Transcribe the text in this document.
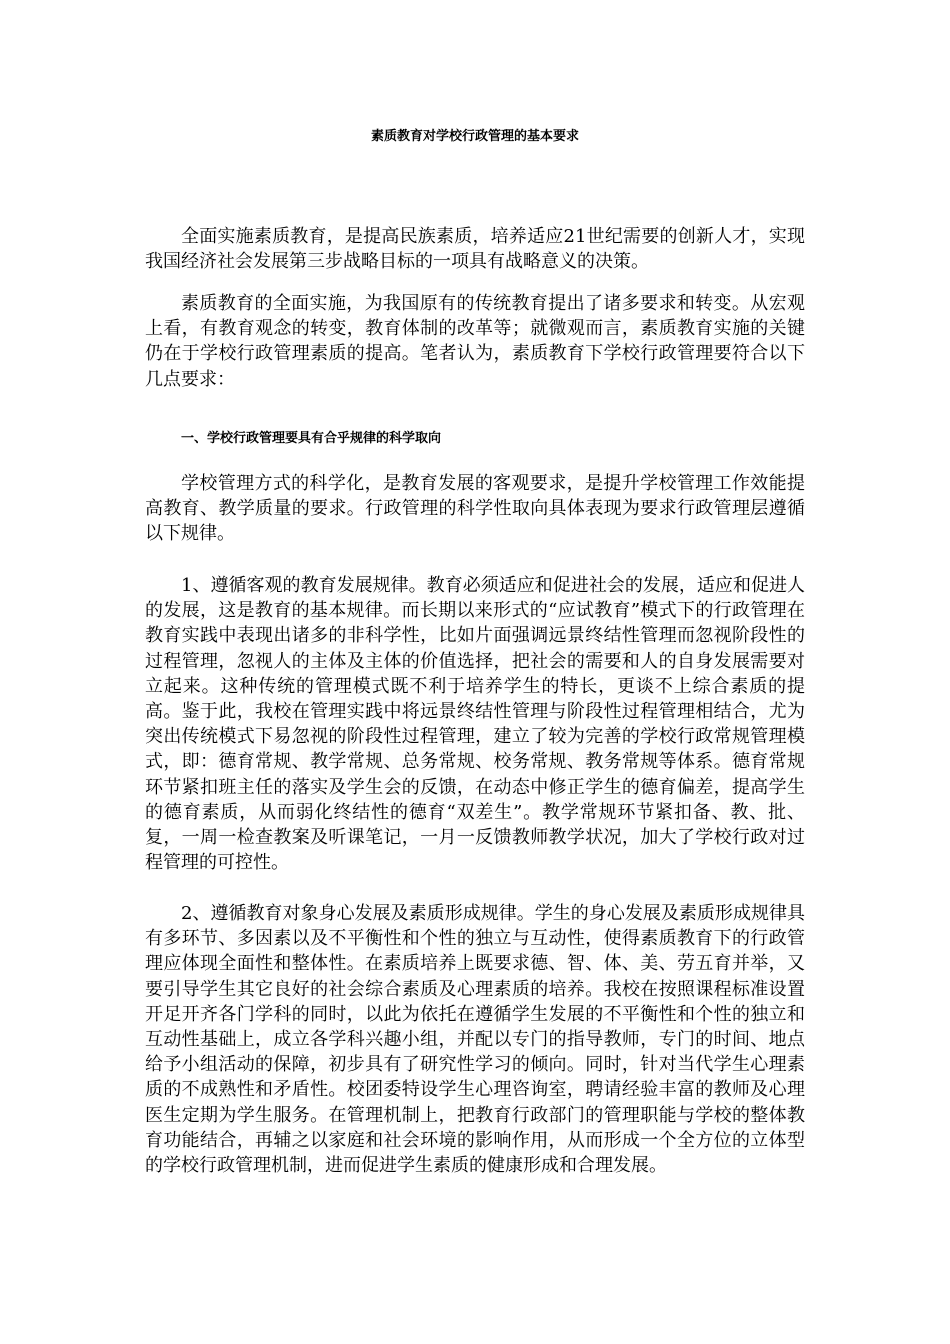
素质教育对学校行政管理的基本要求

全面实施素质教育，是提高民族素质，培养适应21世纪需要的创新人才，实现我国经济社会发展第三步战略目标的一项具有战略意义的决策。

素质教育的全面实施，为我国原有的传统教育提出了诸多要求和转变。从宏观上看，有教育观念的转变，教育体制的改革等；就微观而言，素质教育实施的关键仍在于学校行政管理素质的提高。笔者认为，素质教育下学校行政管理要符合以下几点要求：

一、学校行政管理要具有合乎规律的科学取向

学校管理方式的科学化，是教育发展的客观要求，是提升学校管理工作效能提高教育、教学质量的要求。行政管理的科学性取向具体表现为要求行政管理层遵循以下规律。

1、遵循客观的教育发展规律。教育必须适应和促进社会的发展，适应和促进人的发展，这是教育的基本规律。而长期以来形式的“应试教育”模式下的行政管理在教育实践中表现出诸多的非科学性，比如片面强调远景终结性管理而忽视阶段性的过程管理，忽视人的主体及主体的价值选择，把社会的需要和人的自身发展需要对立起来。这种传统的管理模式既不利于培养学生的特长，更谈不上综合素质的提高。鉴于此，我校在管理实践中将远景终结性管理与阶段性过程管理相结合，尤为突出传统模式下易忽视的阶段性过程管理，建立了较为完善的学校行政常规管理模式，即：德育常规、教学常规、总务常规、校务常规、教务常规等体系。德育常规环节紧扣班主任的落实及学生会的反馈，在动态中修正学生的德育偏差，提高学生的德育素质，从而弱化终结性的德育“双差生”。教学常规环节紧扣备、教、批、复，一周一检查教案及听课笔记，一月一反馈教师教学状况，加大了学校行政对过程管理的可控性。

2、遵循教育对象身心发展及素质形成规律。学生的身心发展及素质形成规律具有多环节、多因素以及不平衡性和个性的独立与互动性，使得素质教育下的行政管理应体现全面性和整体性。在素质培养上既要求德、智、体、美、劳五育并举，又要引导学生其它良好的社会综合素质及心理素质的培养。我校在按照课程标准设置开足开齐各门学科的同时，以此为依托在遵循学生发展的不平衡性和个性的独立和互动性基础上，成立各学科兴趣小组，并配以专门的指导教师，专门的时间、地点给予小组活动的保障，初步具有了研究性学习的倾向。同时，针对当代学生心理素质的不成熟性和矛盾性。校团委特设学生心理咨询室，聘请经验丰富的教师及心理医生定期为学生服务。在管理机制上，把教育行政部门的管理职能与学校的整体教育功能结合，再辅之以家庭和社会环境的影响作用，从而形成一个全方位的立体型的学校行政管理机制，进而促进学生素质的健康形成和合理发展。
